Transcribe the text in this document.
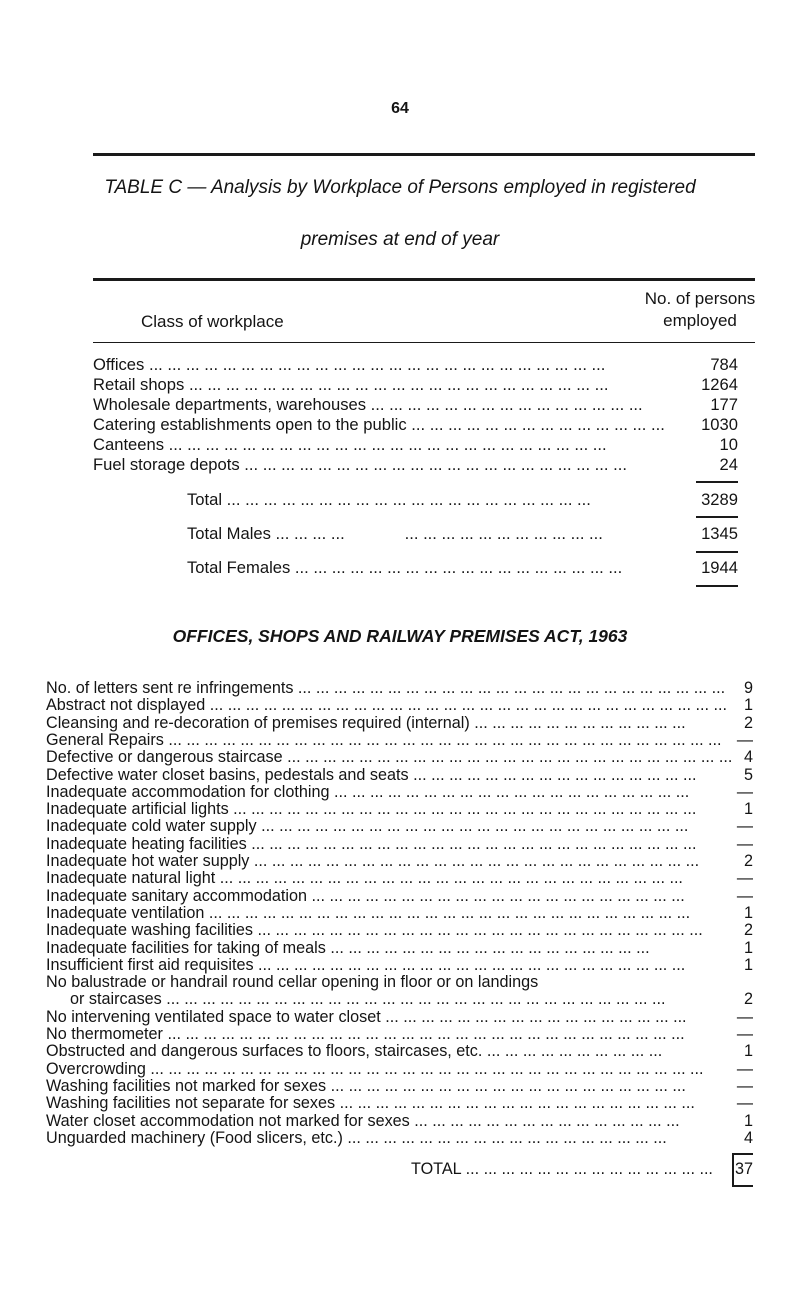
64
TABLE C — Analysis by Workplace of Persons employed in registered
premises at end of year
Class of workplace
No. of persons
employed
Offices ... ... ... ... ... ... ... ... ... ... ... ... ... ... ... ... ... ... ... ... ... ... ... ... ...	784
Retail shops ... ... ... ... ... ... ... ... ... ... ... ... ... ... ... ... ... ... ... ... ... ... ...	1264
Wholesale departments, warehouses ... ... ... ... ... ... ... ... ... ... ... ... ... ... ...	177
Catering establishments open to the public ... ... ... ... ... ... ... ... ... ... ... ... ... ...	1030
Canteens ... ... ... ... ... ... ... ... ... ... ... ... ... ... ... ... ... ... ... ... ... ... ... ...	10
Fuel storage depots ... ... ... ... ... ... ... ... ... ... ... ... ... ... ... ... ... ... ... ... ...	24
Total ... ... ... ... ... ... ... ... ... ... ... ... ... ... ... ... ... ... ... ...	3289
Total Males ... ... ... ...             ... ... ... ... ... ... ... ... ... ... ...	1345
Total Females ... ... ... ... ... ... ... ... ... ... ... ... ... ... ... ... ... ...	1944
OFFICES, SHOPS AND RAILWAY PREMISES ACT, 1963
No. of letters sent re infringements ... ... ... ... ... ... ... ... ... ... ... ... ... ... ... ... ... ... ... ... ... ... ... ...	9
Abstract not displayed ... ... ... ... ... ... ... ... ... ... ... ... ... ... ... ... ... ... ... ... ... ... ... ... ... ... ... ... ...	1
Cleansing and re-decoration of premises required (internal) ... ... ... ... ... ... ... ... ... ... ... ...	2
General Repairs ... ... ... ... ... ... ... ... ... ... ... ... ... ... ... ... ... ... ... ... ... ... ... ... ... ... ... ... ... ... ... —
Defective or dangerous staircase ... ... ... ... ... ... ... ... ... ... ... ... ... ... ... ... ... ... ... ... ... ... ... ... ... 4
Defective water closet basins, pedestals and seats ... ... ... ... ... ... ... ... ... ... ... ... ... ... ... ...	5
Inadequate accommodation for clothing ... ... ... ... ... ... ... ... ... ... ... ... ... ... ... ... ... ... ... ...	—
Inadequate artificial lights ... ... ... ... ... ... ... ... ... ... ... ... ... ... ... ... ... ... ... ... ... ... ... ... ... ...	1
Inadequate cold water supply ... ... ... ... ... ... ... ... ... ... ... ... ... ... ... ... ... ... ... ... ... ... ... ...	—
Inadequate heating facilities ... ... ... ... ... ... ... ... ... ... ... ... ... ... ... ... ... ... ... ... ... ... ... ... ...	—
Inadequate hot water supply ... ... ... ... ... ... ... ... ... ... ... ... ... ... ... ... ... ... ... ... ... ... ... ... ...	2
Inadequate natural light ... ... ... ... ... ... ... ... ... ... ... ... ... ... ... ... ... ... ... ... ... ... ... ... ... ...	—
Inadequate sanitary accommodation ... ... ... ... ... ... ... ... ... ... ... ... ... ... ... ... ... ... ... ... ...	—
Inadequate ventilation ... ... ... ... ... ... ... ... ... ... ... ... ... ... ... ... ... ... ... ... ... ... ... ... ... ... ...	1
Inadequate washing facilities ... ... ... ... ... ... ... ... ... ... ... ... ... ... ... ... ... ... ... ... ... ... ... ... ...	2
Inadequate facilities for taking of meals ... ... ... ... ... ... ... ... ... ... ... ... ... ... ... ... ... ...	1
Insufficient first aid requisites ... ... ... ... ... ... ... ... ... ... ... ... ... ... ... ... ... ... ... ... ... ... ... ...	1
No balustrade or handrail round cellar opening in floor or on landings
or staircases ... ... ... ... ... ... ... ... ... ... ... ... ... ... ... ... ... ... ... ... ... ... ... ... ... ... ... ...	2
No intervening ventilated space to water closet ... ... ... ... ... ... ... ... ... ... ... ... ... ... ... ... ...	—
No thermometer ... ... ... ... ... ... ... ... ... ... ... ... ... ... ... ... ... ... ... ... ... ... ... ... ... ... ... ... ...	—
Obstructed and dangerous surfaces to floors, staircases, etc. ... ... ... ... ... ... ... ... ... ...	1
Overcrowding ... ... ... ... ... ... ... ... ... ... ... ... ... ... ... ... ... ... ... ... ... ... ... ... ... ... ... ... ... ... ...	—
Washing facilities not marked for sexes ... ... ... ... ... ... ... ... ... ... ... ... ... ... ... ... ... ... ... ...	—
Washing facilities not separate for sexes ... ... ... ... ... ... ... ... ... ... ... ... ... ... ... ... ... ... ... ...	—
Water closet accommodation not marked for sexes ... ... ... ... ... ... ... ... ... ... ... ... ... ... ...	1
Unguarded machinery (Food slicers, etc.) ... ... ... ... ... ... ... ... ... ... ... ... ... ... ... ... ... ...	4
TOTAL ... ... ... ... ... ... ... ... ... ... ... ... ... ...	37
